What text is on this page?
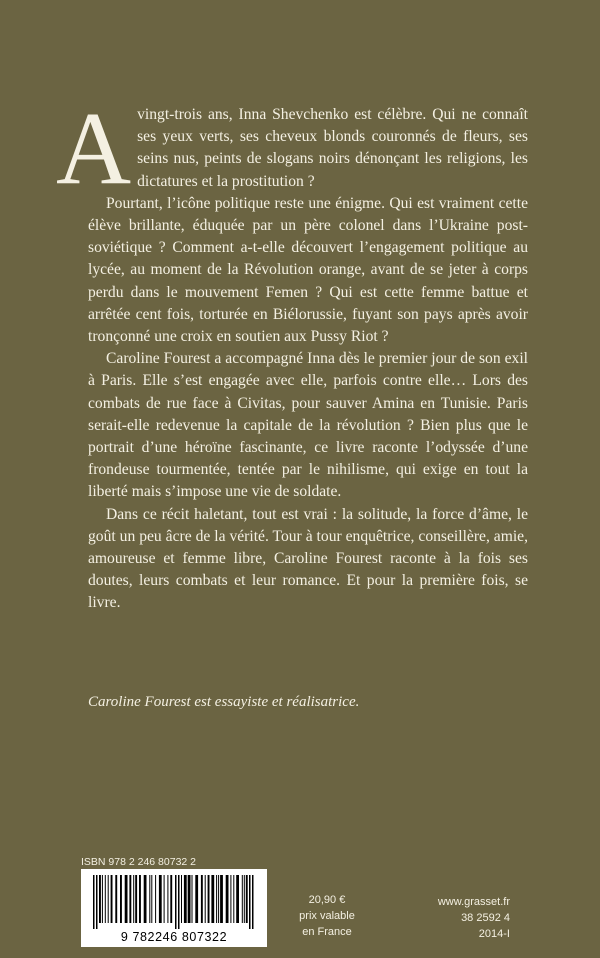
Avingt-trois ans, Inna Shevchenko est célèbre. Qui ne connaît ses yeux verts, ses cheveux blonds couronnés de fleurs, ses seins nus, peints de slogans noirs dénonçant les religions, les dictatures et la prostitution ?

Pourtant, l’icône politique reste une énigme. Qui est vraiment cette élève brillante, éduquée par un père colonel dans l’Ukraine post-soviétique ? Comment a-t-elle découvert l’engagement politique au lycée, au moment de la Révolution orange, avant de se jeter à corps perdu dans le mouvement Femen ? Qui est cette femme battue et arrêtée cent fois, torturée en Biélorussie, fuyant son pays après avoir tronçonné une croix en soutien aux Pussy Riot ?

Caroline Fourest a accompagné Inna dès le premier jour de son exil à Paris. Elle s’est engagée avec elle, parfois contre elle… Lors des combats de rue face à Civitas, pour sauver Amina en Tunisie. Paris serait-elle redevenue la capitale de la révolution ? Bien plus que le portrait d’une héroïne fascinante, ce livre raconte l’odyssée d’une frondeuse tourmentée, tentée par le nihilisme, qui exige en tout la liberté mais s’impose une vie de soldate.

Dans ce récit haletant, tout est vrai : la solitude, la force d’âme, le goût un peu âcre de la vérité. Tour à tour enquêtrice, conseillère, amie, amoureuse et femme libre, Caroline Fourest raconte à la fois ses doutes, leurs combats et leur romance. Et pour la première fois, se livre.

Caroline Fourest est essayiste et réalisatrice.

ISBN 978 2 246 80732 2

9 782246 807322
20,90 €
prix valable
en France
www.grasset.fr
38 2592 4
2014-I
